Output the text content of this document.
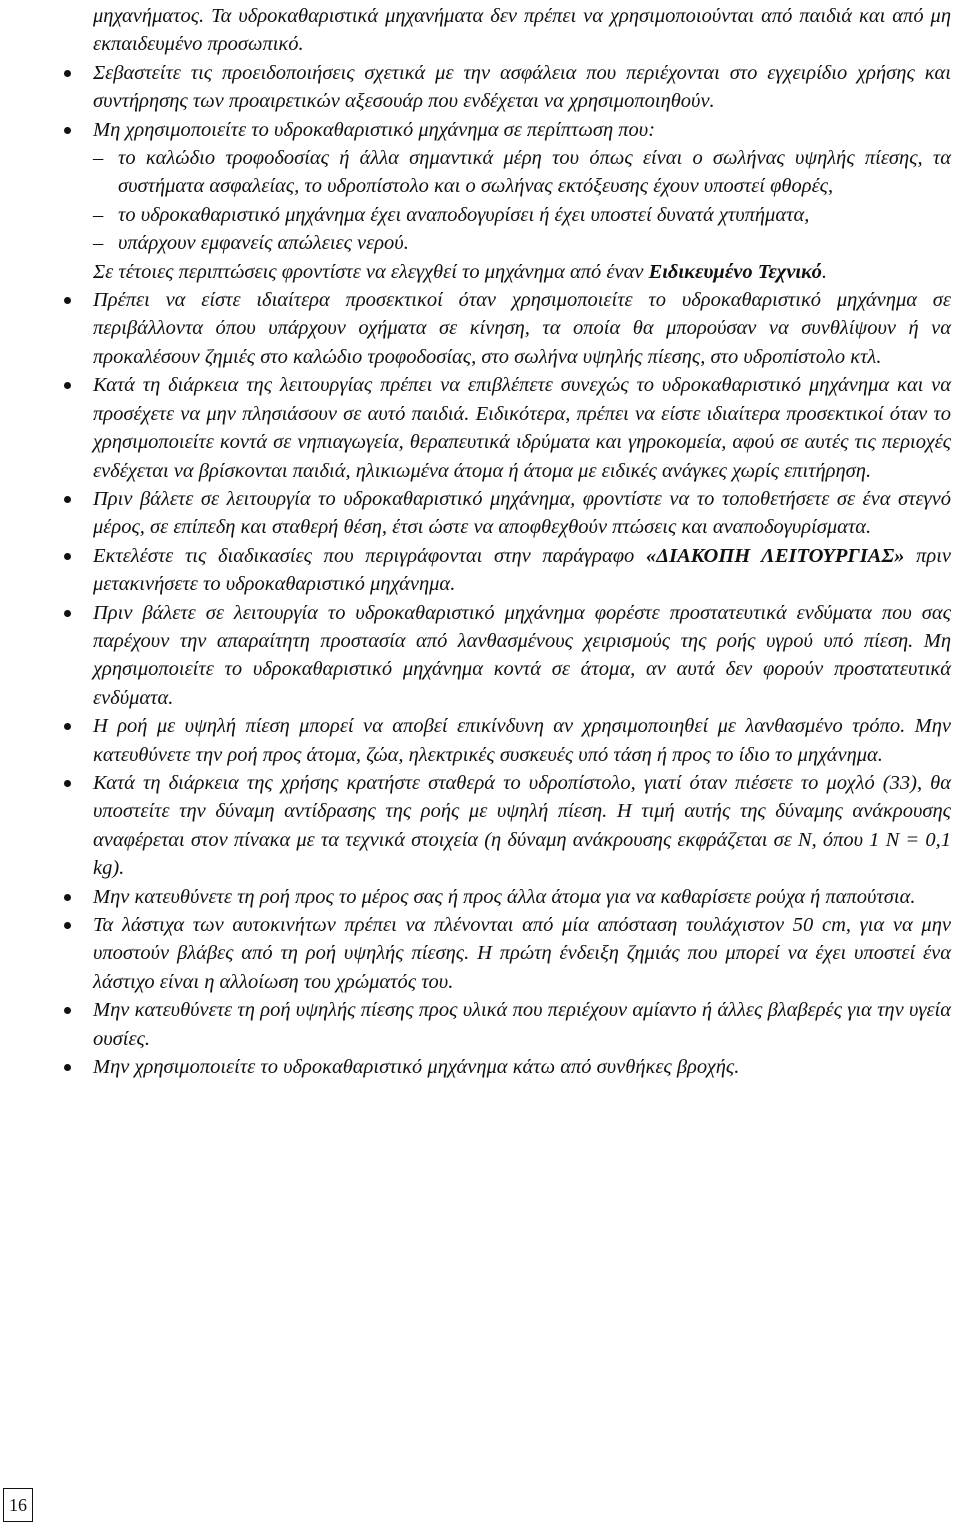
μηχανήματος. Τα υδροκαθαριστικά μηχανήματα δεν πρέπει να χρησιμοποιούνται από παιδιά και από μη εκπαιδευμένο προσωπικό.

Σεβαστείτε τις προειδοποιήσεις σχετικά με την ασφάλεια που περιέχονται στο εγχειρίδιο χρήσης και συντήρησης των προαιρετικών αξεσουάρ που ενδέχεται να χρησιμοποιηθούν.

Μη χρησιμοποιείτε το υδροκαθαριστικό μηχάνημα σε περίπτωση που:

– το καλώδιο τροφοδοσίας ή άλλα σημαντικά μέρη του όπως είναι ο σωλήνας υψηλής πίεσης, τα συστήματα ασφαλείας, το υδροπίστολο και ο σωλήνας εκτόξευσης έχουν υποστεί φθορές,

– το υδροκαθαριστικό μηχάνημα έχει αναποδογυρίσει ή έχει υποστεί δυνατά χτυπήματα,

– υπάρχουν εμφανείς απώλειες νερού.

Σε τέτοιες περιπτώσεις φροντίστε να ελεγχθεί το μηχάνημα από έναν Ειδικευμένο Τεχνικό.

Πρέπει να είστε ιδιαίτερα προσεκτικοί όταν χρησιμοποιείτε το υδροκαθαριστικό μηχάνημα σε περιβάλλοντα όπου υπάρχουν οχήματα σε κίνηση, τα οποία θα μπορούσαν να συνθλίψουν ή να προκαλέσουν ζημιές στο καλώδιο τροφοδοσίας, στο σωλήνα υψηλής πίεσης, στο υδροπίστολο κτλ.

Κατά τη διάρκεια της λειτουργίας πρέπει να επιβλέπετε συνεχώς το υδροκαθαριστικό μηχάνημα και να προσέχετε να μην πλησιάσουν σε αυτό παιδιά. Ειδικότερα, πρέπει να είστε ιδιαίτερα προσεκτικοί όταν το χρησιμοποιείτε κοντά σε νηπιαγωγεία, θεραπευτικά ιδρύματα και γηροκομεία, αφού σε αυτές τις περιοχές ενδέχεται να βρίσκονται παιδιά, ηλικιωμένα άτομα ή άτομα με ειδικές ανάγκες χωρίς επιτήρηση.

Πριν βάλετε σε λειτουργία το υδροκαθαριστικό μηχάνημα, φροντίστε να το τοποθετήσετε σε ένα στεγνό μέρος, σε επίπεδη και σταθερή θέση, έτσι ώστε να αποφθεχθούν πτώσεις και αναποδογυρίσματα.

Εκτελέστε τις διαδικασίες που περιγράφονται στην παράγραφο «ΔΙΑΚΟΠΗ ΛΕΙΤΟΥΡΓΙΑΣ» πριν μετακινήσετε το υδροκαθαριστικό μηχάνημα.

Πριν βάλετε σε λειτουργία το υδροκαθαριστικό μηχάνημα φορέστε προστατευτικά ενδύματα που σας παρέχουν την απαραίτητη προστασία από λανθασμένους χειρισμούς της ροής υγρού υπό πίεση. Μη χρησιμοποιείτε το υδροκαθαριστικό μηχάνημα κοντά σε άτομα, αν αυτά δεν φορούν προστατευτικά ενδύματα.

Η ροή με υψηλή πίεση μπορεί να αποβεί επικίνδυνη αν χρησιμοποιηθεί με λανθασμένο τρόπο. Μην κατευθύνετε την ροή προς άτομα, ζώα, ηλεκτρικές συσκευές υπό τάση ή προς το ίδιο το μηχάνημα.

Κατά τη διάρκεια της χρήσης κρατήστε σταθερά το υδροπίστολο, γιατί όταν πιέσετε το μοχλό (33), θα υποστείτε την δύναμη αντίδρασης της ροής με υψηλή πίεση. Η τιμή αυτής της δύναμης ανάκρουσης αναφέρεται στον πίνακα με τα τεχνικά στοιχεία (η δύναμη ανάκρουσης εκφράζεται σε N, όπου 1 N = 0,1 kg).

Μην κατευθύνετε τη ροή προς το μέρος σας ή προς άλλα άτομα για να καθαρίσετε ρούχα ή παπούτσια.

Τα λάστιχα των αυτοκινήτων πρέπει να πλένονται από μία απόσταση τουλάχιστον 50 cm, για να μην υποστούν βλάβες από τη ροή υψηλής πίεσης. Η πρώτη ένδειξη ζημιάς που μπορεί να έχει υποστεί ένα λάστιχο είναι η αλλοίωση του χρώματός του.

Μην κατευθύνετε τη ροή υψηλής πίεσης προς υλικά που περιέχουν αμίαντο ή άλλες βλαβερές για την υγεία ουσίες.

Μην χρησιμοποιείτε το υδροκαθαριστικό μηχάνημα κάτω από συνθήκες βροχής.

16
